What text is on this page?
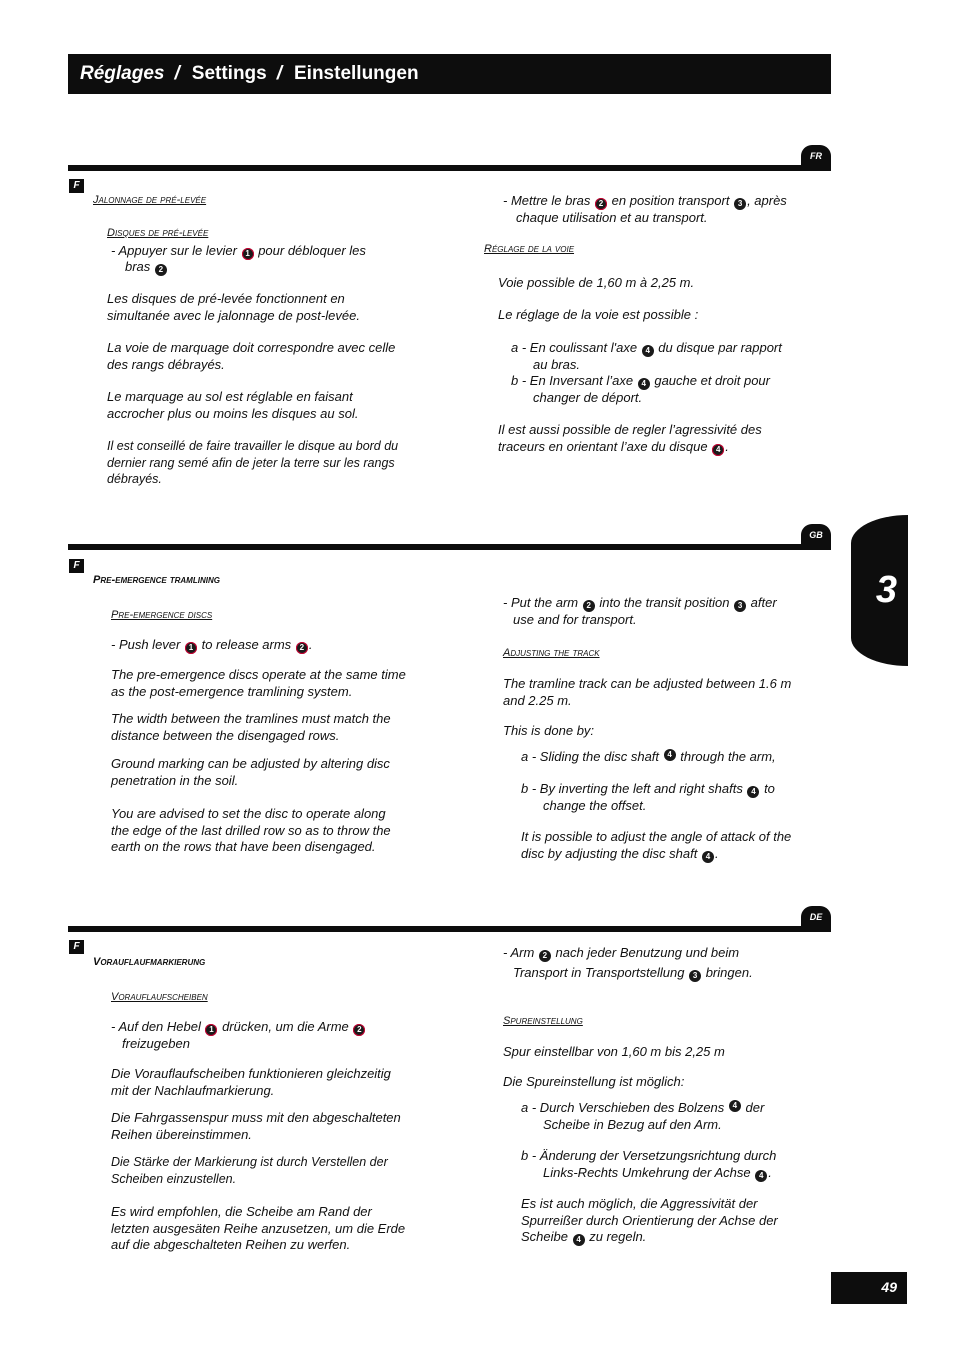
Réglages / Settings / Einstellungen
3
49
FR
F
Jalonnage de pré-levée
Disques de pré-levée

- Appuyer sur le levier 1 pour débloquer les

bras 2

Les disques de pré-levée fonctionnent en
simultanée avec le jalonnage de post-levée.

La voie de marquage doit correspondre avec celle
des rangs débrayés.

Le marquage au sol est réglable en faisant
accrocher plus ou moins les disques au sol.

Il est conseillé de faire travailler le disque au bord du
dernier rang semé afin de jeter la terre sur les rangs
débrayés.

- Mettre le bras 2 en position transport 3 , après
chaque utilisation et au transport.

Réglage de la voie

Voie possible de 1,60 m à 2,25 m.

Le réglage de la voie est possible :

a - En coulissant l'axe 4 du disque par rapport
au bras.

b - En Inversant l’axe 4 gauche et droit pour
changer de déport.

Il est aussi possible de regler l’agressivité des
traceurs en orientant l’axe du disque 4 .

GB
F
Pre-emergence tramlining
Pre-emergence discs

- Push lever 1 to release arms 2 .

The pre-emergence discs operate at the same time
as the post-emergence tramlining system.

The width between the tramlines must match the
distance between the disengaged rows.

Ground marking can be adjusted by altering disc
penetration in the soil.

You are advised to set the disc to operate along
the edge of the last drilled row so as to throw the
earth on the rows that have been disengaged.

- Put the arm 2 into the transit position 3 after
use and for transport.

Adjusting the track

The tramline track can be adjusted between 1.6 m
and 2.25 m.

This is done by:

a - Sliding the disc shaft 4 through the arm,

b - By inverting the left and right shafts 4 to
change the offset.

It is possible to adjust the angle of attack of the
disc by adjusting the disc shaft 4 .

DE
F
Vorauflaufmarkierung
Vorauflaufscheiben

- Auf den Hebel 1 drücken, um die Arme 2
freizugeben

Die Vorauflaufscheiben funktionieren gleichzeitig
mit der Nachlaufmarkierung.

Die Fahrgassenspur muss mit den abgeschalteten
Reihen übereinstimmen.

Die Stärke der Markierung ist durch Verstellen der
Scheiben einzustellen.

Es wird empfohlen, die Scheibe am Rand der
letzten ausgesäten Reihe anzusetzen, um die Erde
auf die abgeschalteten Reihen zu werfen.

- Arm 2 nach jeder Benutzung und beim
Transport in Transportstellung 3 bringen.

Spureinstellung

Spur einstellbar von 1,60 m bis 2,25 m

Die Spureinstellung ist möglich:

a - Durch Verschieben des Bolzens 4 der
Scheibe in Bezug auf den Arm.

b - Änderung der Versetzungsrichtung durch
Links-Rechts Umkehrung der Achse 4 .

Es ist auch möglich, die Aggressivität der
Spurreißer durch Orientierung der Achse der
Scheibe 4 zu regeln.
